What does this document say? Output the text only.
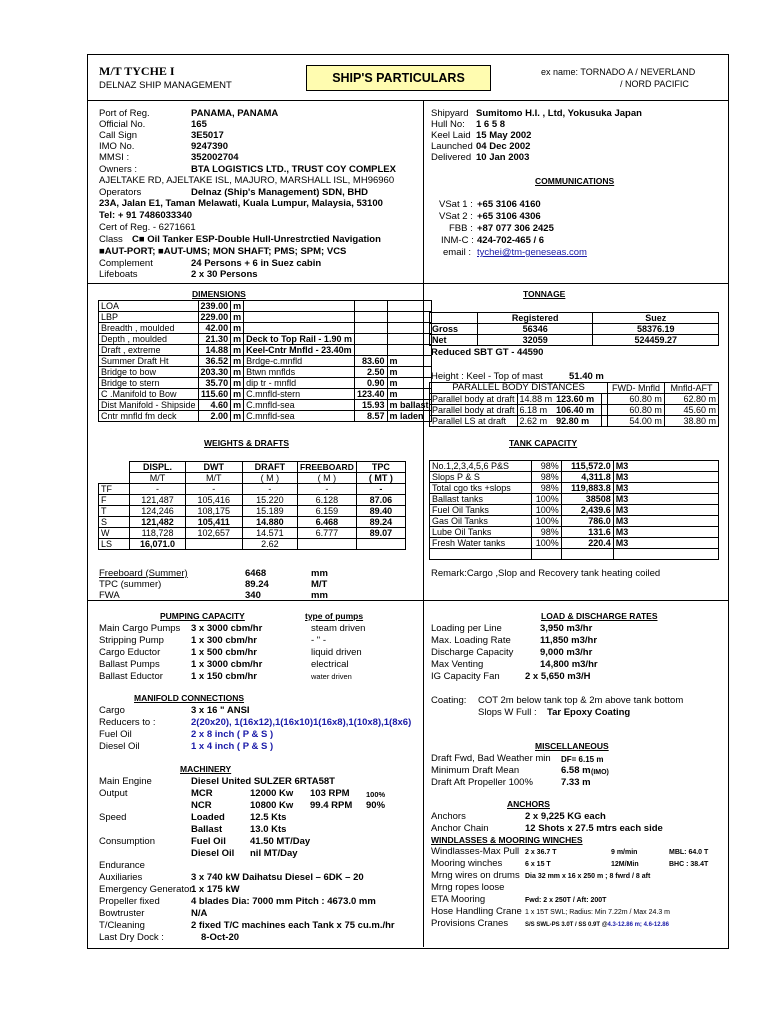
M/T TYCHE I
DELNAZ SHIP MANAGEMENT
SHIP'S PARTICULARS	ex name: TORNADO A / NEVERLAND
/ NORD PACIFIC
Port of Reg.	PANAMA, PANAMA
Official No.	165
Call Sign	3E5017
IMO No.	9247390
MMSI :	352002704
Owners :	BTA LOGISTICS LTD., TRUST COY COMPLEX
AJELTAKE RD, AJELTAKE ISL, MAJURO, MARSHALL ISL, MH96960
Operators	Delnaz (Ship's Management) SDN, BHD
23A, Jalan E1, Taman Melawati, Kuala Lumpur, Malaysia, 53100
Tel: + 91 7486033340
Cert of Reg. - 6271661
Class C■ Oil Tanker ESP-Double Hull-Unrestrctied Navigation
■AUT-PORT; ■AUT-UMS; MON SHAFT; PMS; SPM; VCS
Complement	24 Persons + 6 in Suez cabin
Lifeboats	2 x 30 Persons
Shipyard Sumitomo H.I. , Ltd, Yokusuka Japan
Hull No: 1 6 5 8
Keel Laid 15 May 2002
Launched 04 Dec 2002
Delivered 10 Jan 2003
COMMUNICATIONS
VSat 1 : +65 3106 4160
VSat 2 : +65 3106 4306
FBB : +87 077 306 2425
INM-C : 424-702-465 / 6
email : tychei@tm-geneseas.com
DIMENSIONS
LOA	239.00	m			
LBP	229.00	m			
Breadth , moulded	42.00	m			
Depth , moulded	21.30	m	Deck to Top Rail - 1.90 m		
Draft , extreme	14.88	m	Keel-Cntr Mnfld - 23.40m		
Summer Draft Ht	36.52	m	Brdge-c.mnfld	83.60	m
Bridge to bow	203.30	m	Btwn mnflds	2.50	m
Bridge to stern	35.70	m	dip tr - mnfld	0.90	m
C .Manifold to Bow	115.60	m	C.mnfld-stern	123.40	m
Dist Manifold - Shipside	4.60	m	C.mnfld-sea	15.93	m ballast
Cntr mnfld fm deck	2.00	m	C.mnfld-sea	8.57	m laden
TONNAGE
	Registered	Suez
Gross	56346	58376.19
Net	32059	524459.27
Reduced SBT GT - 44590
Height : Keel - Top of mast	51.40 m
PARALLEL BODY DISTANCES				FWD- Mnfld	Mnfld-AFT
Parallel body at draft	14.88 m	123.60 m		60.80 m	62.80 m
Parallel body at draft	6.18 m	106.40 m		60.80 m	45.60 m
Parallel LS at draft	2.62 m	92.80 m		54.00 m	38.80 m
WEIGHTS & DRAFTS
	DISPL.	DWT	DRAFT	FREEBOARD	TPC
	M/T	M/T	( M )	( M )	( MT )
TF	-	-	-	-	-
F	121,487	105,416	15.220	6.128	87.06
T	124,246	108,175	15.189	6.159	89.40
S	121,482	105,411	14.880	6.468	89.24
W	118,728	102,657	14.571	6.777	89.07
LS	16,071.0		2.62		
Freeboard (Summer)	6468	mm
TPC (summer)	89.24	M/T
FWA	340	mm
TANK CAPACITY
No.1,2,3,4,5,6 P&S	98%	115,572.0	M3
Slops P & S	98%	4,311.8	M3
Total cgo tks +slops	98%	119,883.8	M3
Ballast tanks	100%	38508	M3
Fuel Oil Tanks	100%	2,439.6	M3
Gas Oil Tanks	100%	786.0	M3
Lube Oil Tanks	98%	131.6	M3
Fresh Water tanks	100%	220.4	M3

Remark:Cargo ,Slop and Recovery tank heating coiled
PUMPING CAPACITY	type of pumps
Main Cargo Pumps 3 x 3000 cbm/hr	steam driven
Stripping Pump	1 x 300 cbm/hr	- " -
Cargo Eductor	1 x 500 cbm/hr	liquid driven
Ballast Pumps	1 x 3000 cbm/hr	electrical
Ballast Eductor	1 x 150 cbm/hr	water driven
LOAD & DISCHARGE RATES
Loading per Line	3,950 m3/hr
Max. Loading Rate	11,850 m3/hr
Discharge Capacity	9,000 m3/hr
Max Venting	14,800 m3/hr
IG Capacity Fan	2 x 5,650 m3/H
MANIFOLD CONNECTIONS
Cargo	3 x 16 " ANSI
Reducers to :	2(20x20), 1(16x12),1(16x10)1(16x8),1(10x8),1(8x6)
Fuel Oil	2 x 8 inch ( P & S )
Diesel Oil	1 x 4 inch ( P & S )
Coating: COT 2m below tank top & 2m above tank bottom
Slops W Full : Tar Epoxy Coating
MACHINERY
Main Engine	Diesel United SULZER 6RTA58T
Output	MCR	12000 Kw 103 RPM 100%
NCR	10800 Kw 99.4 RPM 90%
Speed	Loaded	12.5 Kts
Ballast	13.0 Kts
Consumption	Fuel Oil	41.50 MT/Day
Diesel Oil nil MT/Day
Endurance
Auxiliaries	3 x 740 kW Daihatsu Diesel – 6DK – 20
Emergency Generator
1 x 175 kW
Propeller fixed	4 blades Dia: 7000 mm Pitch : 4673.0 mm
Bowtruster	N/A
T/Cleaning	2 fixed T/C machines each Tank x 75 cu.m./hr
Last Dry Dock :	8-Oct-20
MISCELLANEOUS
Draft Fwd, Bad Weather min DF= 6.15 m
Minimum Draft Mean	6.58 m (IMO)
Draft Aft Propeller 100%	7.33 m
ANCHORS
Anchors	2 x 9,225 KG each
Anchor Chain	12 Shots x 27.5 mtrs each side
WINDLASSES & MOORING WINCHES
Windlasses-Max Pull 2 x 36.7 T	9 m/min	MBL: 64.0 T
Mooring winches	6 x 15 T	12M/Min	BHC : 38.4T
Mrng wires on drums Dia 32 mm x 16 x 250 m ; 8 fwrd / 8 aft
Mrng ropes loose
ETA Mooring	Fwd: 2 x 250T / Aft: 200T
Hose Handling Crane 1 x 15T SWL; Radius: Min 7.22m / Max 24.3 m
Provisions Cranes	S/S SWL-PS 3.0T / SS 0.9T @4.3-12.86 m; 4.6-12.86
